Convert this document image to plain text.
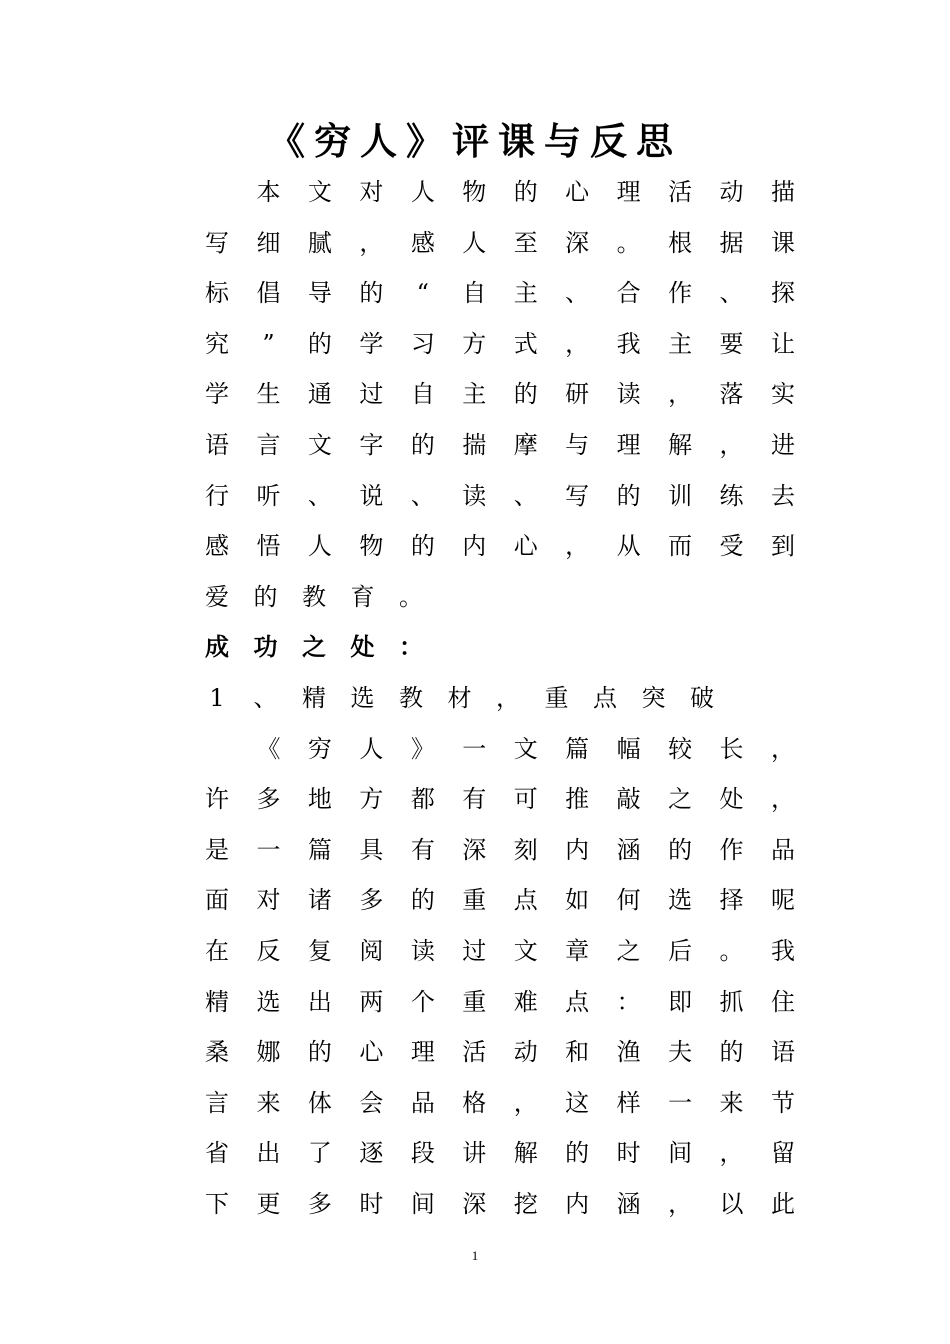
《穷人》评课与反思

本 文 对 人 物 的 心 理 活 动 描
写 细 腻 ， 感 人 至 深 。 根 据 课
标 倡 导 的 “ 自 主 、 合 作 、 探
究 ” 的 学 习 方 式 ， 我 主 要 让
学 生 通 过 自 主 的 研 读 ， 落 实
语 言 文 字 的 揣 摩 与 理 解 ， 进
行 听 、 说 、 读 、 写 的 训 练 去
感 悟 人 物 的 内 心 ， 从 而 受 到
爱 的 教 育 。
成 功 之 处 ：
1 、 精 选 教 材 ， 重 点 突 破

《 穷 人 》 一 文 篇 幅 较 长 ，
许 多 地 方 都 有 可 推 敲 之 处 ，
是 一 篇 具 有 深 刻 内 涵 的 作 品
面 对 诸 多 的 重 点 如 何 选 择 呢
在 反 复 阅 读 过 文 章 之 后 。 我
精 选 出 两 个 重 难 点 ： 即 抓 住
桑 娜 的 心 理 活 动 和 渔 夫 的 语
言 来 体 会 品 格 ， 这 样 一 来 节
省 出 了 逐 段 讲 解 的 时 间 ， 留
下 更 多 时 间 深 挖 内 涵 ， 以 此
1
